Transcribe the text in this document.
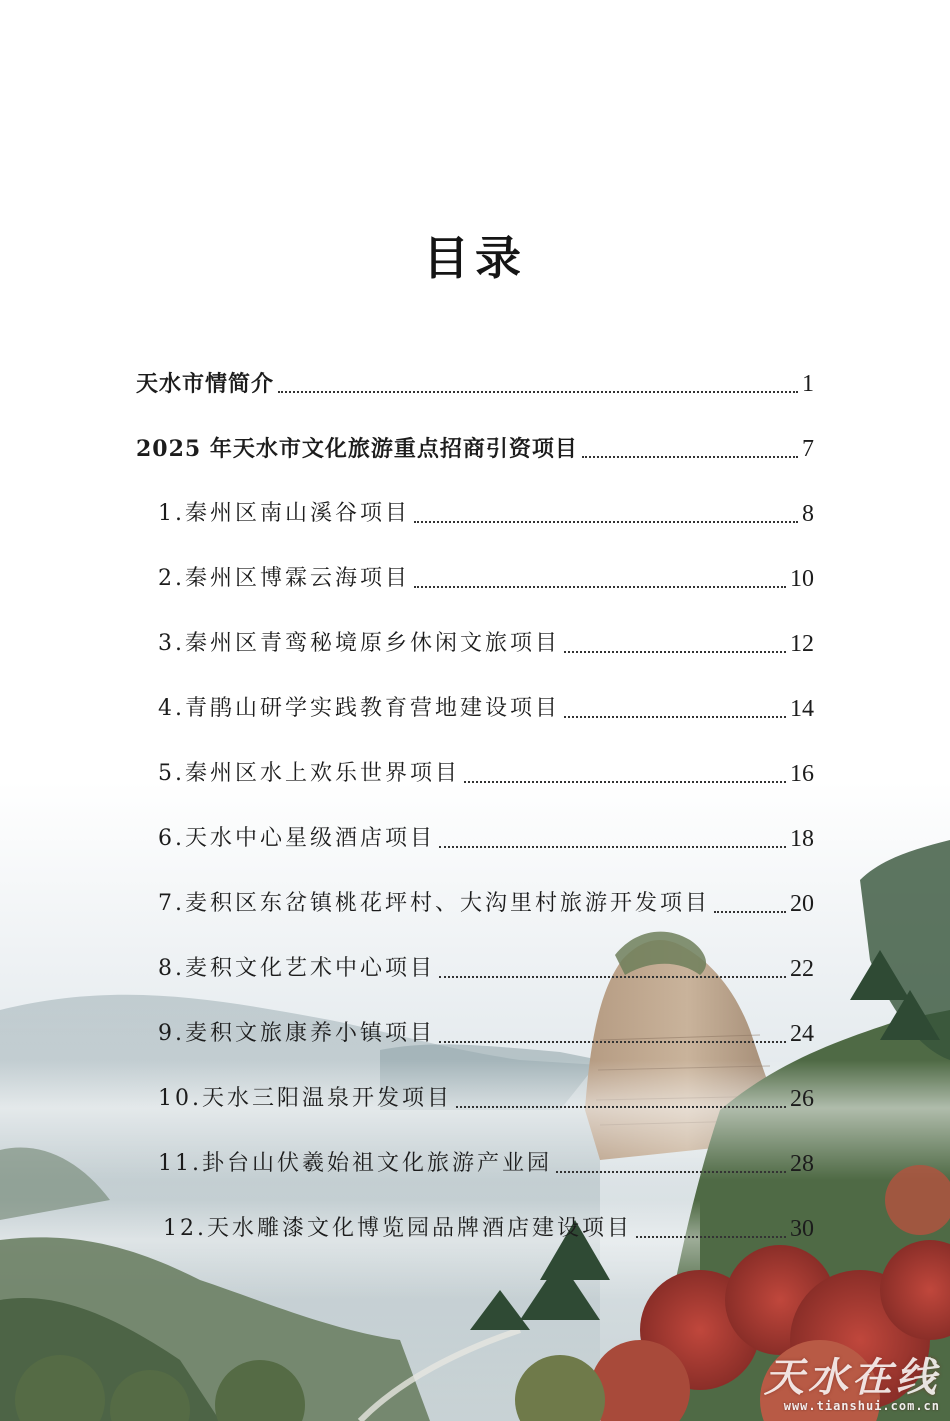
目录
天水市情简介	1
2025 年天水市文化旅游重点招商引资项目	7
1.秦州区南山溪谷项目	8
2.秦州区博霖云海项目	10
3.秦州区青鸾秘境原乡休闲文旅项目	12
4.青鹃山研学实践教育营地建设项目	14
5.秦州区水上欢乐世界项目	16
6.天水中心星级酒店项目	18
7.麦积区东岔镇桃花坪村、大沟里村旅游开发项目	20
8.麦积文化艺术中心项目	22
9.麦积文旅康养小镇项目	24
10.天水三阳温泉开发项目	26
11.卦台山伏羲始祖文化旅游产业园	28
12.天水雕漆文化博览园品牌酒店建设项目	30
天水在线
www.tianshui.com.cn
